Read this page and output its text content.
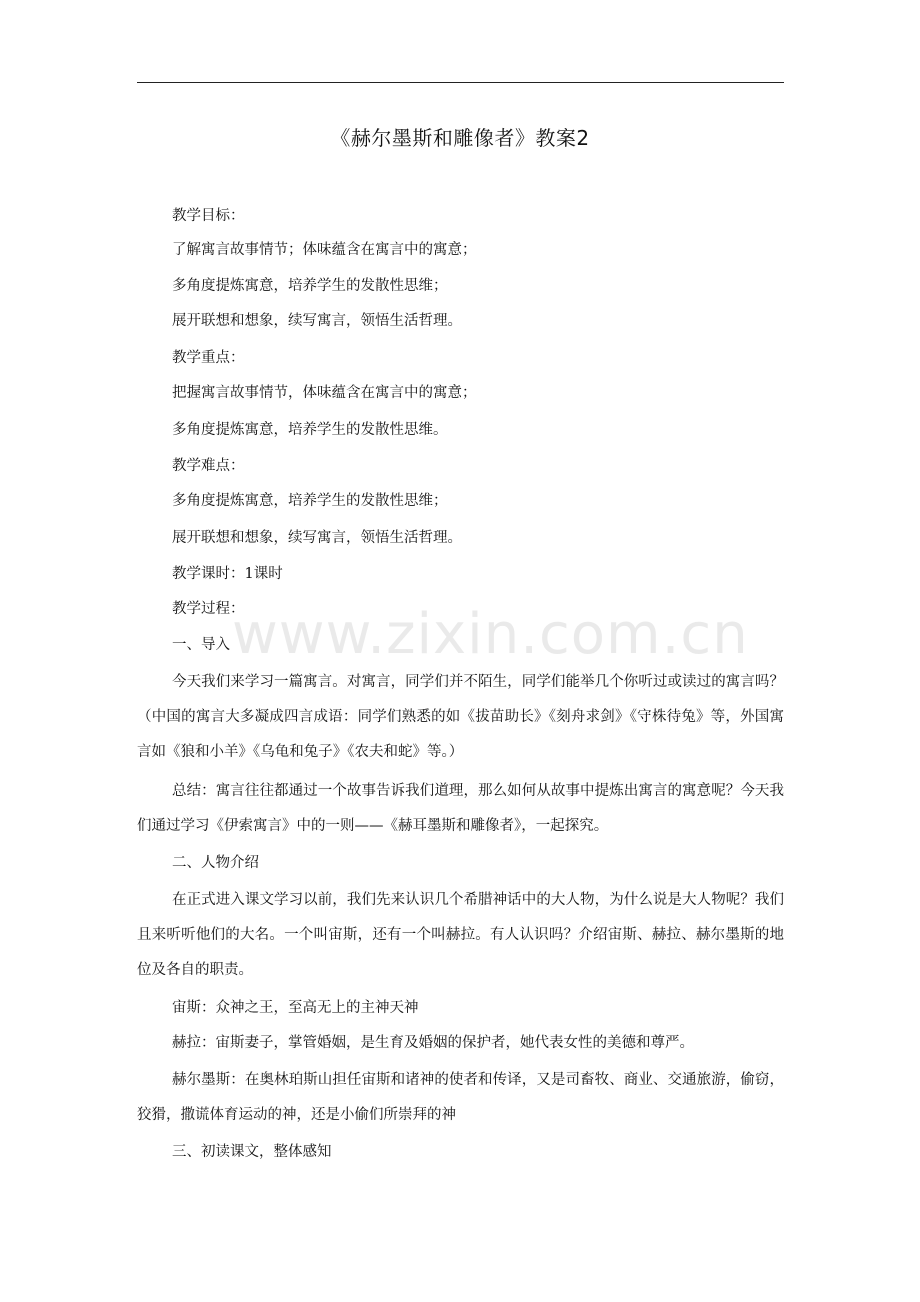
《赫尔墨斯和雕像者》教案2
教学目标：
了解寓言故事情节；体味蕴含在寓言中的寓意；
多角度提炼寓意，培养学生的发散性思维；
展开联想和想象，续写寓言，领悟生活哲理。
教学重点：
把握寓言故事情节，体味蕴含在寓言中的寓意；
多角度提炼寓意，培养学生的发散性思维。
教学难点：
多角度提炼寓意，培养学生的发散性思维；
展开联想和想象，续写寓言，领悟生活哲理。
教学课时：1课时
教学过程：
一、导入
今天我们来学习一篇寓言。对寓言，同学们并不陌生，同学们能举几个你听过或读过的寓言吗？（中国的寓言大多凝成四言成语：同学们熟悉的如《拔苗助长》《刻舟求剑》《守株待兔》等，外国寓言如《狼和小羊》《乌龟和兔子》《农夫和蛇》等。）
总结：寓言往往都通过一个故事告诉我们道理，那么如何从故事中提炼出寓言的寓意呢？今天我们通过学习《伊索寓言》中的一则——《赫耳墨斯和雕像者》，一起探究。
二、人物介绍
在正式进入课文学习以前，我们先来认识几个希腊神话中的大人物，为什么说是大人物呢？我们且来听听他们的大名。一个叫宙斯，还有一个叫赫拉。有人认识吗？介绍宙斯、赫拉、赫尔墨斯的地位及各自的职责。
宙斯：众神之王，至高无上的主神天神
赫拉：宙斯妻子，掌管婚姻，是生育及婚姻的保护者，她代表女性的美德和尊严。
赫尔墨斯：在奥林珀斯山担任宙斯和诸神的使者和传译，又是司畜牧、商业、交通旅游，偷窃，狡猾，撒谎体育运动的神，还是小偷们所崇拜的神
三、初读课文，整体感知
www.zixin.com.cn
